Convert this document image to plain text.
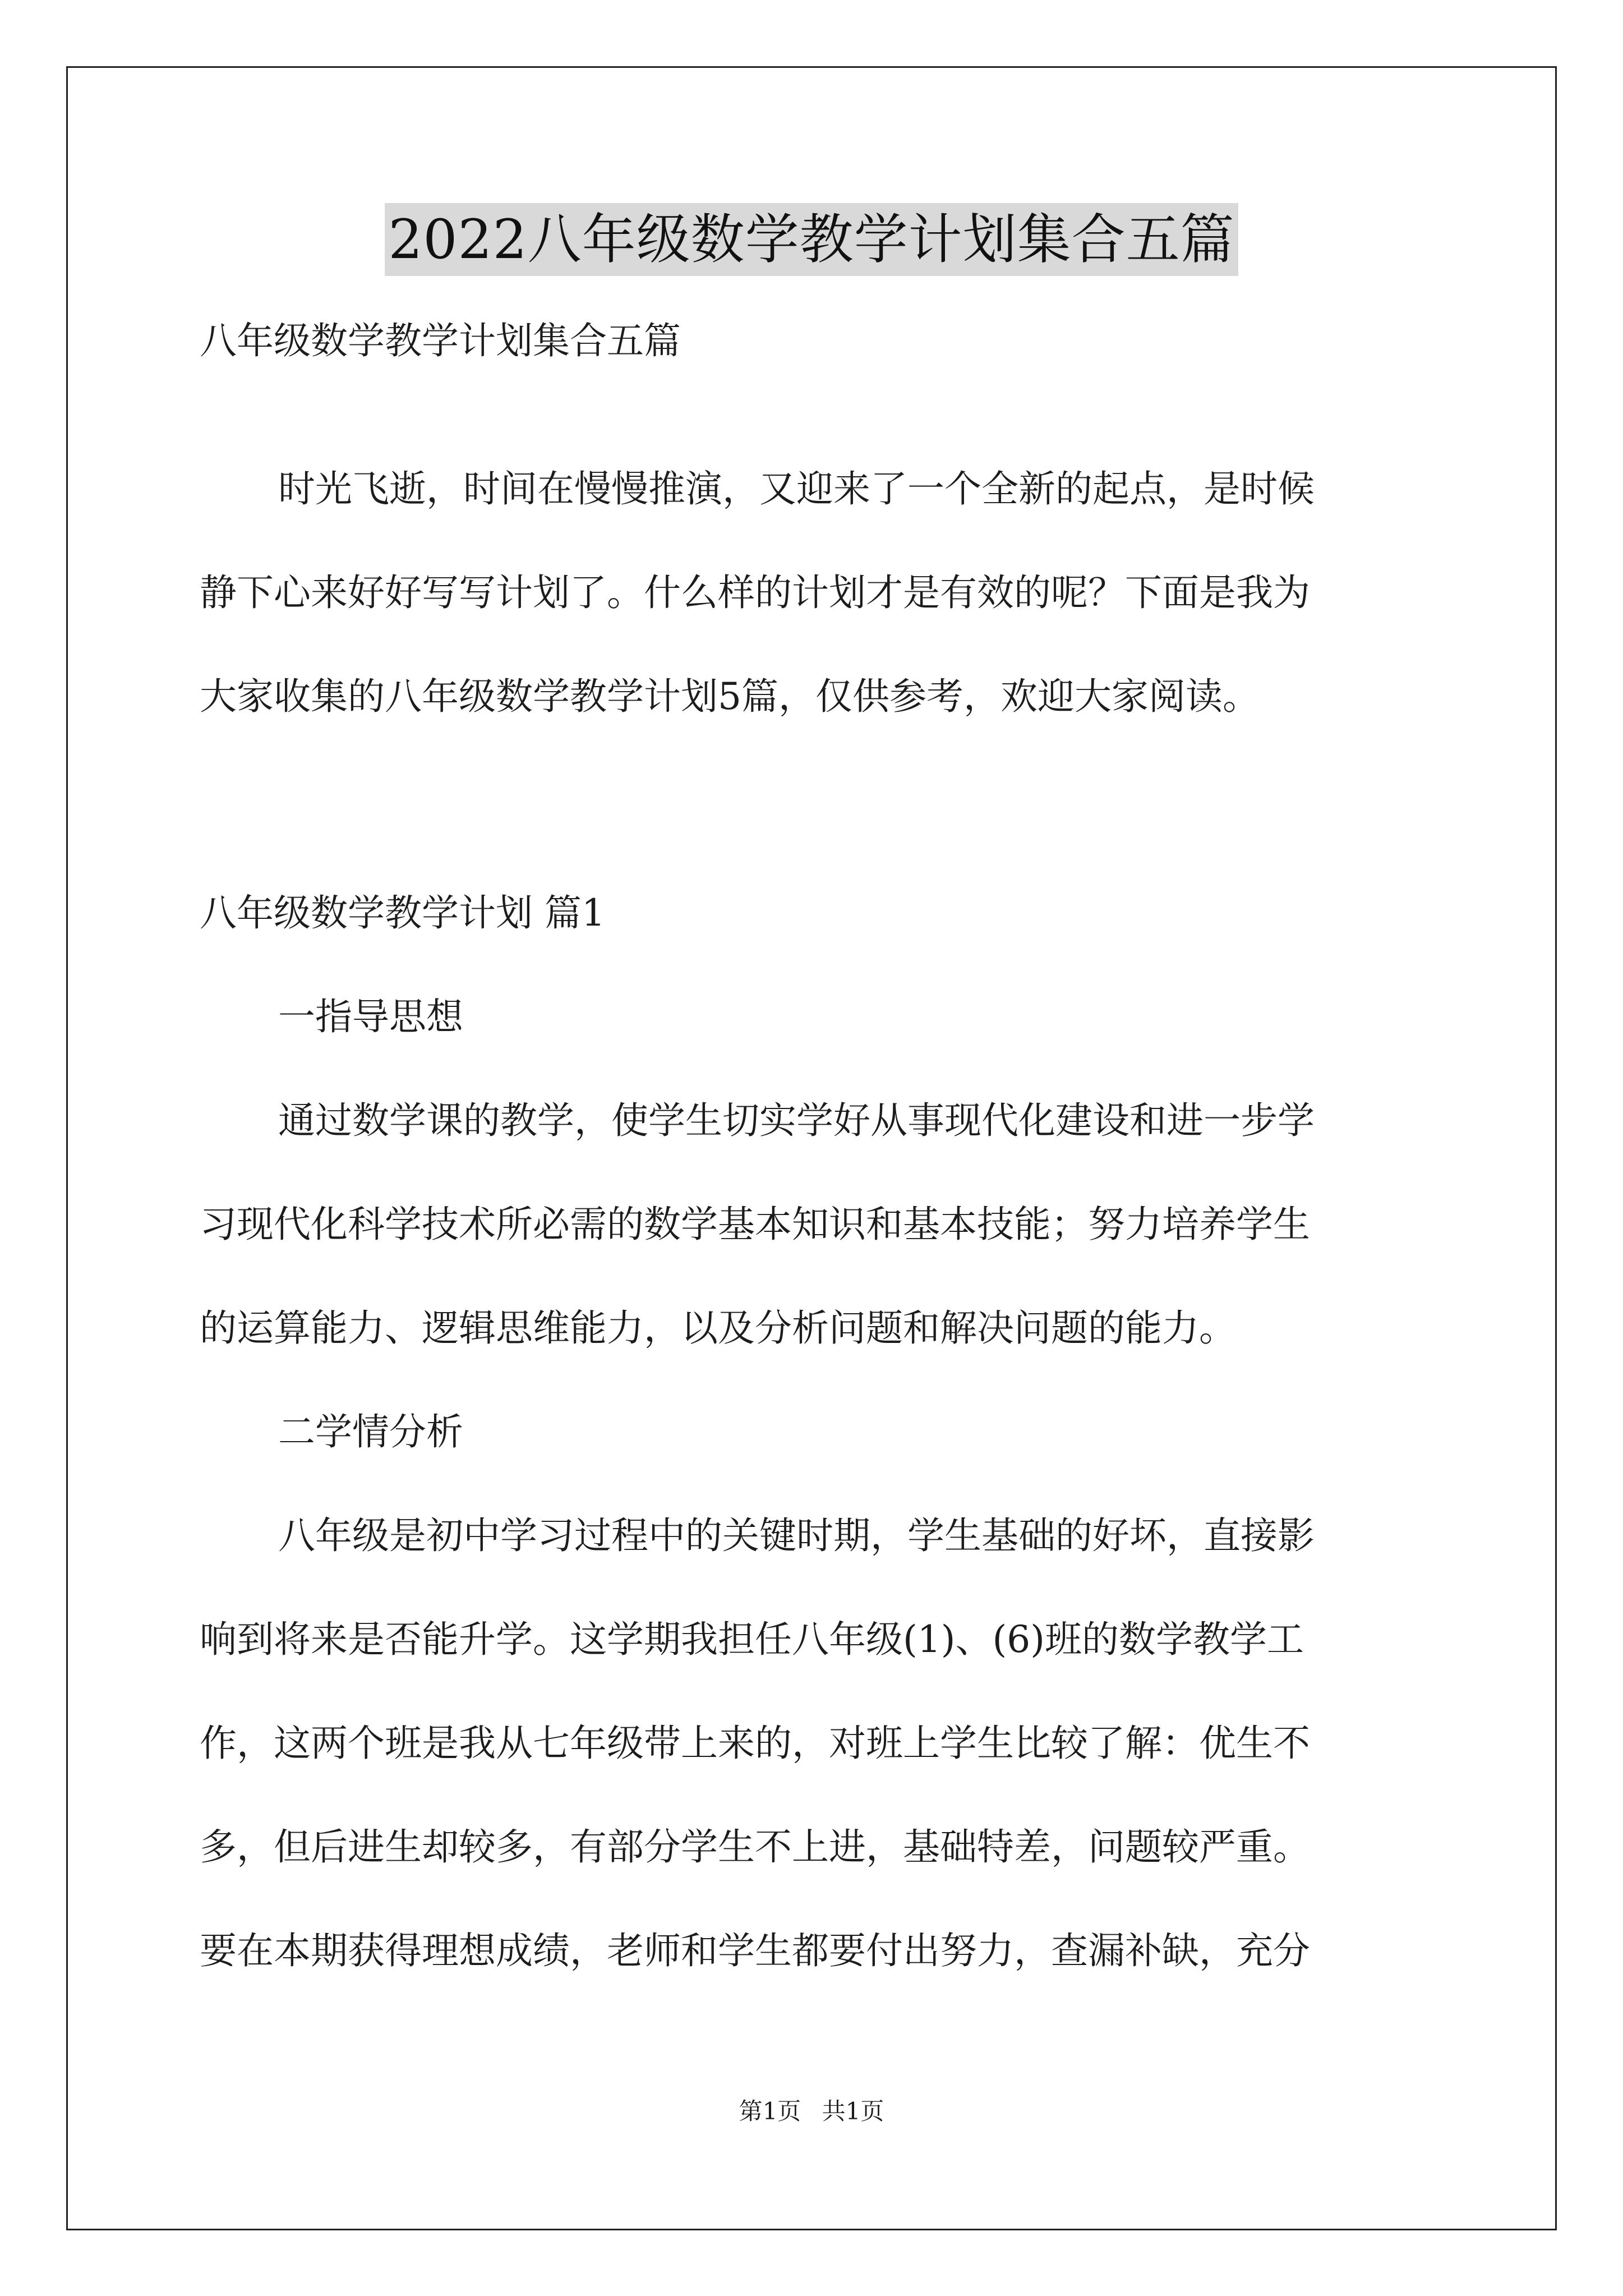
2022八年级数学教学计划集合五篇
八年级数学教学计划集合五篇
时光飞逝，时间在慢慢推演，又迎来了一个全新的起点，是时候
静下心来好好写写计划了。什么样的计划才是有效的呢？下面是我为
大家收集的八年级数学教学计划5篇，仅供参考，欢迎大家阅读。
八年级数学教学计划 篇1
一指导思想
通过数学课的教学，使学生切实学好从事现代化建设和进一步学
习现代化科学技术所必需的数学基本知识和基本技能；努力培养学生
的运算能力、逻辑思维能力，以及分析问题和解决问题的能力。
二学情分析
八年级是初中学习过程中的关键时期，学生基础的好坏，直接影
响到将来是否能升学。这学期我担任八年级(1)、(6)班的数学教学工
作，这两个班是我从七年级带上来的，对班上学生比较了解：优生不
多，但后进生却较多，有部分学生不上进，基础特差，问题较严重。
要在本期获得理想成绩，老师和学生都要付出努力，查漏补缺，充分
第1页 共1页
